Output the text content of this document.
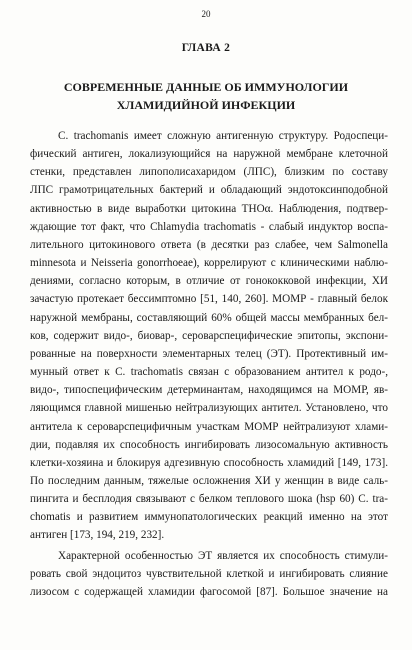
20
ГЛАВА 2
СОВРЕМЕННЫЕ ДАННЫЕ ОБ ИММУНОЛОГИИ
ХЛАМИДИЙНОЙ ИНФЕКЦИИ
C. trachomanis имеет сложную антигенную структуру. Родоспеци-
фический антиген, локализующийся на наружной мембране клеточной
стенки, представлен липополисахаридом (ЛПС), близким по составу
ЛПС грамотрицательных бактерий и обладающий эндотоксинподобной
активностью в виде выработки цитокина ТНОα. Наблюдения, подтвер-
ждающие тот факт, что Chlamydia trachomatis - слабый индуктор воспа-
лительного цитокинового ответа (в десятки раз слабее, чем Salmonella
minnesota и Neisseria gonorrhoeae), коррелируют с клиническими наблю-
дениями, согласно которым, в отличие от гонококковой инфекции, ХИ
зачастую протекает бессимптомно [51, 140, 260]. МОМР - главный белок
наружной мембраны, составляющий 60% общей массы мембранных бел-
ков, содержит видо-, биовар-, сероварспецифические эпитопы, экспони-
рованные на поверхности элементарных телец (ЭТ). Протективный им-
мунный ответ к C. trachomatis связан с образованием антител к родо-,
видо-, типоспецифическим детерминантам, находящимся на МОМР, яв-
ляющимся главной мишенью нейтрализующих антител. Установлено, что
антитела к сероварспецифичным участкам МОМР нейтрализуют хлами-
дии, подавляя их способность ингибировать лизосомальную активность
клетки-хозяина и блокируя адгезивную способность хламидий [149, 173].
По последним данным, тяжелые осложнения ХИ у женщин в виде саль-
пингита и бесплодия связывают с белком теплового шока (hsp 60) C. tra-
chomatis и развитием иммунопатологических реакций именно на этот
антиген [173, 194, 219, 232].
Характерной особенностью ЭТ является их способность стимули-
ровать свой эндоцитоз чувствительной клеткой и ингибировать слияние
лизосом с содержащей хламидии фагосомой [87]. Большое значение на
